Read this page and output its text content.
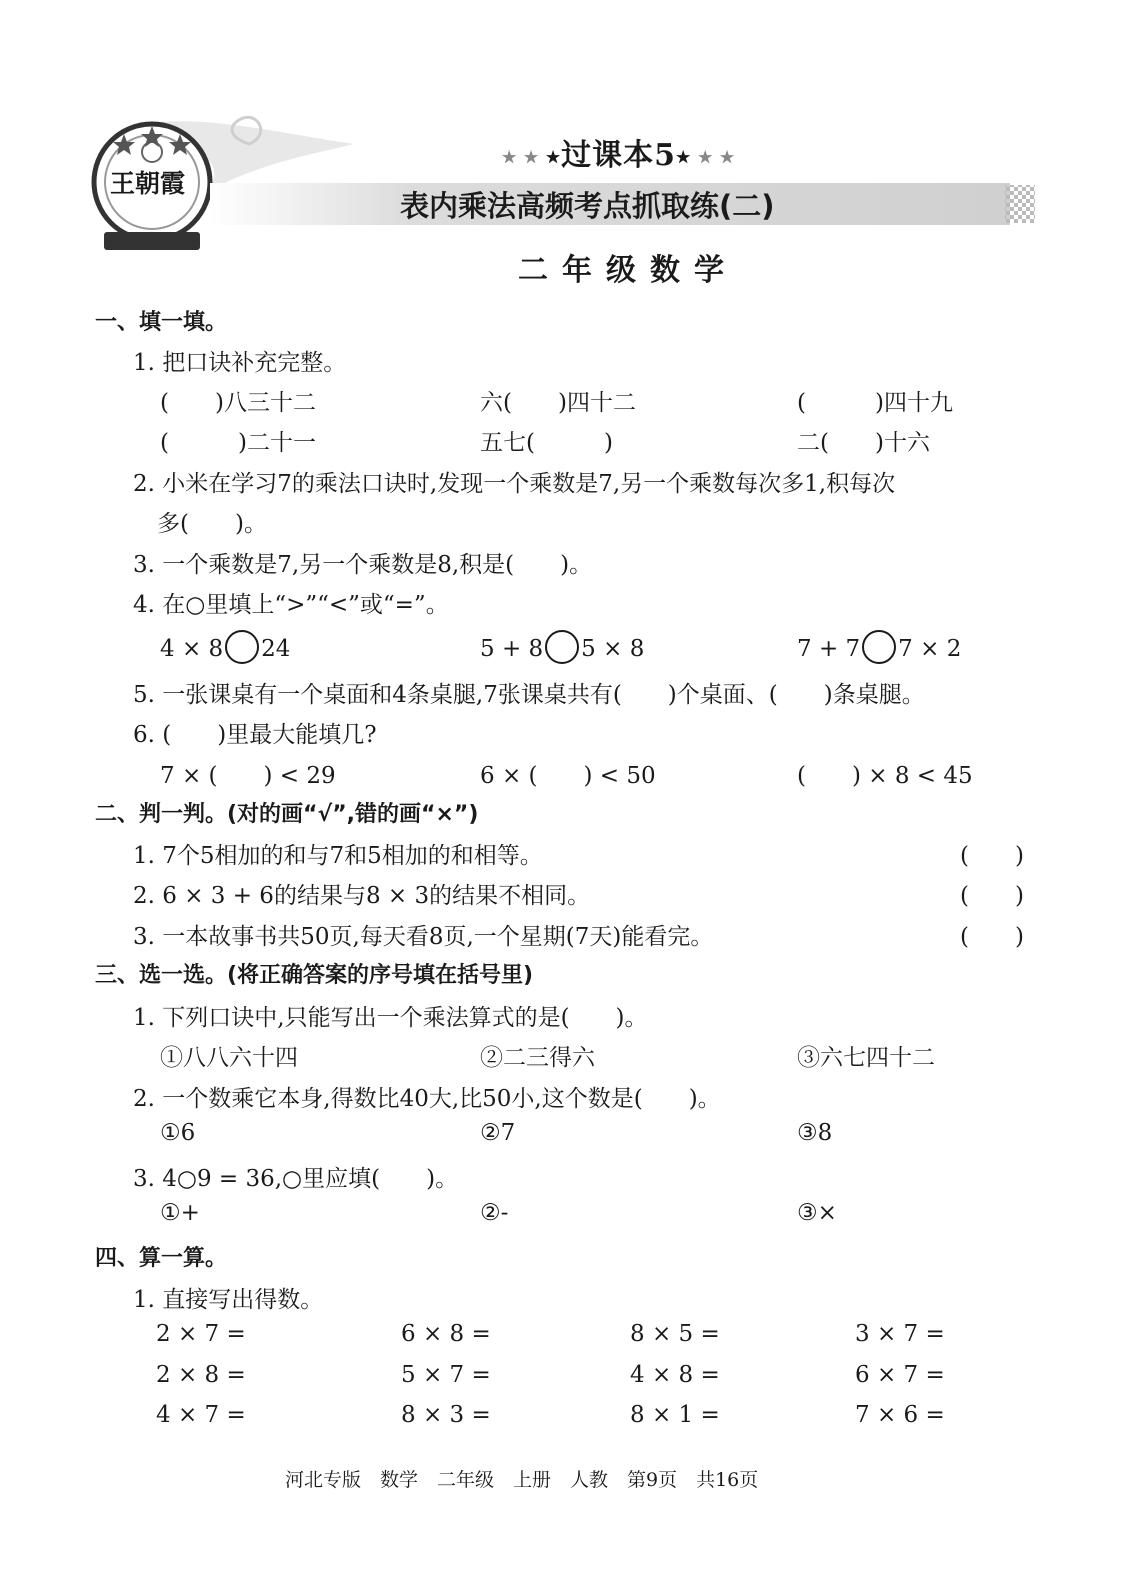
王朝霞
★ ★ ★过课本5★ ★ ★
表内乘法高频考点抓取练(二)
二年级数学
一、填一填。
1. 把口诀补充完整。
(　　)八三十二	六(　　)四十二	(　　　)四十九
(　　　)二十一	五七(　　　)	二(　　)十六
2. 小米在学习7的乘法口诀时,发现一个乘数是7,另一个乘数每次多1,积每次
多(　　)。
3. 一个乘数是7,另一个乘数是8,积是(　　)。
4. 在○里填上“>”“<”或“=”。
4 × 8 24	5 + 8 5 × 8	7 + 7 7 × 2
5. 一张课桌有一个桌面和4条桌腿,7张课桌共有(　　)个桌面、(　　)条桌腿。
6. (　　)里最大能填几?
7 × (　　) < 29	6 × (　　) < 50	(　　) × 8 < 45
二、判一判。(对的画“√”,错的画“×”)
1. 7个5相加的和与7和5相加的和相等。	(　　)
2. 6 × 3 + 6的结果与8 × 3的结果不相同。	(　　)
3. 一本故事书共50页,每天看8页,一个星期(7天)能看完。	(　　)
三、选一选。(将正确答案的序号填在括号里)
1. 下列口诀中,只能写出一个乘法算式的是(　　)。
①八八六十四	②二三得六	③六七四十二
2. 一个数乘它本身,得数比40大,比50小,这个数是(　　)。
①6	②7	③8
3. 4○9 = 36,○里应填(　　)。
①+	②-	③×
四、算一算。
1. 直接写出得数。
2 × 7 =	6 × 8 =	8 × 5 =	3 × 7 =
2 × 8 =	5 × 7 =	4 × 8 =	6 × 7 =
4 × 7 =	8 × 3 =	8 × 1 =	7 × 6 =
河北专版　数学　二年级　上册　人教　第9页　共16页
